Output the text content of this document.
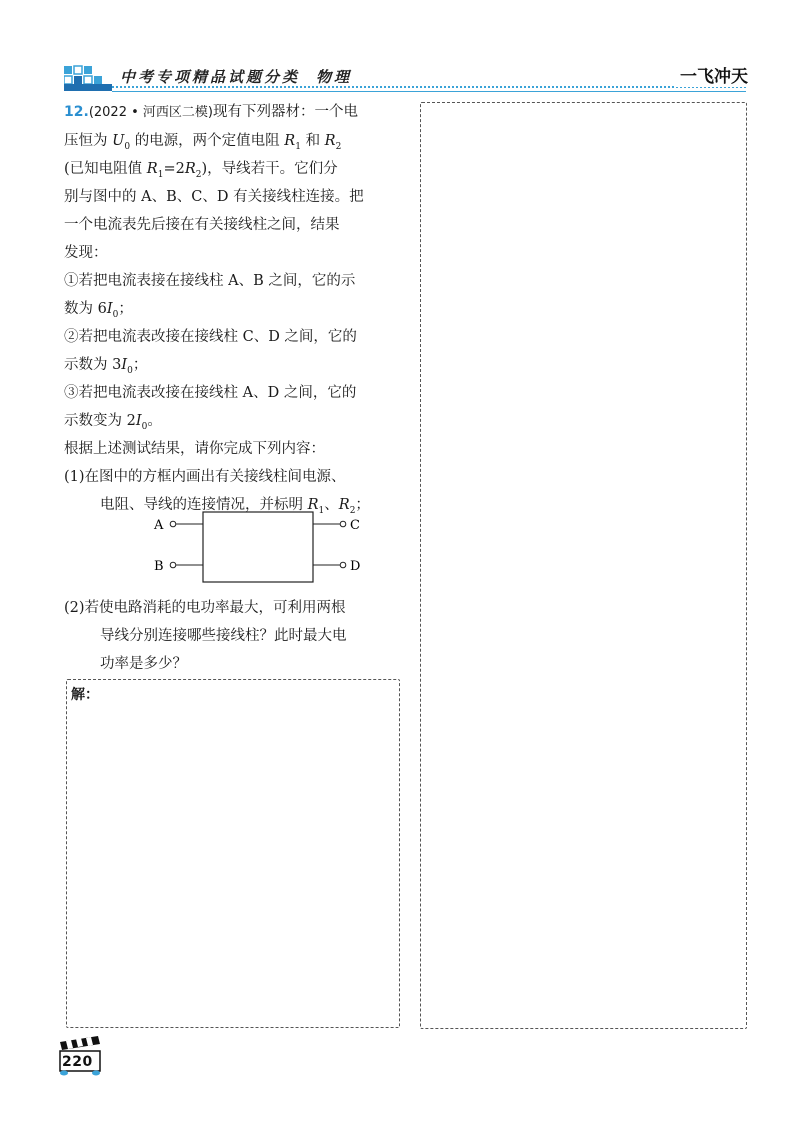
中考专项精品试题分类 物理	一飞冲天
12.(2022 • 河西区二模)现有下列器材：一个电
压恒为 $U_0$ 的电源，两个定值电阻 $R_1$ 和 $R_2$
(已知电阻值 $R_1=2R_2$)，导线若干。它们分
别与图中的 A、B、C、D 有关接线柱连接。把
一个电流表先后接在有关接线柱之间，结果
发现：
①若把电流表接在接线柱 A、B 之间，它的示
数为 $6I_0$；
②若把电流表改接在接线柱 C、D 之间，它的
示数为 $3I_0$；
③若把电流表改接在接线柱 A、D 之间，它的
示数变为 $2I_0$。
根据上述测试结果，请你完成下列内容：
(1)在图中的方框内画出有关接线柱间电源、
电阻、导线的连接情况，并标明 $R_1$、$R_2$；
A
B
C
D
(2)若使电路消耗的电功率最大，可利用两根
导线分别连接哪些接线柱？此时最大电
功率是多少？
解：
220
